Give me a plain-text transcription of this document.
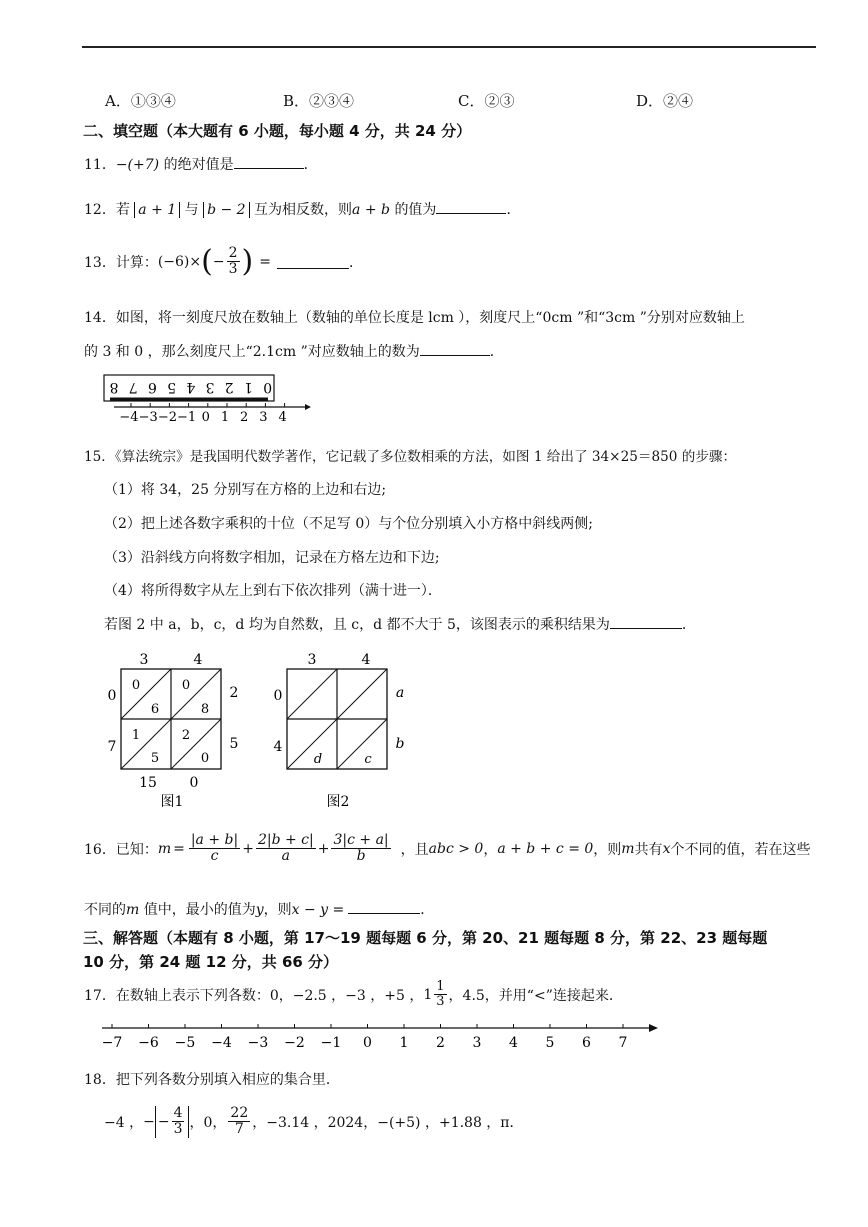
A．①③④	B．②③④	C．②③	D．②④
二、填空题（本大题有 6 小题，每小题 4 分，共 24 分）
11．−(+7) 的绝对值是	．
12．若 a + 1 与 b − 2 互为相反数，则a + b 的值为	．
13．计算： (−6)× ( − $\frac{2}{3}$ ) =	．
14．如图，将一刻度尺放在数轴上（数轴的单位长度是 lcm ），刻度尺上“0cm ”和“3cm ”分别对应数轴上
的 3 和 0 ，那么刻度尺上“2.1cm ”对应数轴上的数为	．
8 7 6 5 4 3 2 1 0
−4 −3 −2 −1 0 1 2 3 4
15．《算法统宗》是我国明代数学著作，它记载了多位数相乘的方法，如图 1 给出了 34×25＝850 的步骤：
（1）将 34，25 分别写在方格的上边和右边;
（2）把上述各数字乘积的十位（不足写 0）与个位分别填入小方格中斜线两侧;
（3）沿斜线方向将数字相加，记录在方格左边和下边;
（4）将所得数字从左上到右下依次排列（满十进一）．
若图 2 中 a，b，c，d 均为自然数，且 c，d 都不大于 5，该图表示的乘积结果为	．
3	4
2
5
0
7
15 0
0
6
0
8
1
5
2
0
图1
3	4
a
b
0
4
d	c
图2
16．已知： $m = \frac{|a + b|}{c} + \frac{2|b + c|}{a} + \frac{3|c + a|}{b}$ ，且 abc > 0 ， a + b + c = 0 ，则 m 共有 x 个不同的值，若在这些
不同的m 值中，最小的值为y，则x − y =	．
三、解答题（本题有 8 小题，第 17～19 题每题 6 分，第 20、21 题每题 8 分，第 22、23 题每题
10 分，第 24 题 12 分，共 66 分）
17．在数轴上表示下列各数：0，−2.5 ，−3 ，+5 ， $1 \frac{1}{3}$ ，4.5，并用“<”连接起来．
−7 −6 −5 −4 −3 −2 −1 0 1 2 3 4 5 6 7
18．把下列各数分别填入相应的集合里．
−4 ， − − $\frac{4}{3}$ ，0， $\frac{22}{7}$ ，−3.14 ，2024，−(+5) ，+1.88 ，π．
